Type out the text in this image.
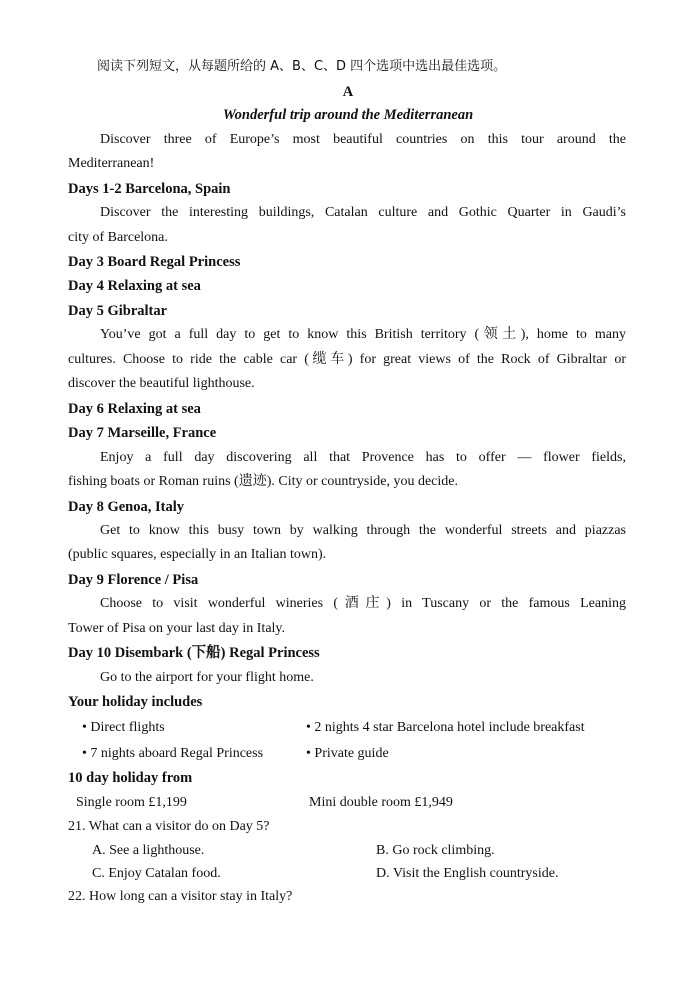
阅读下列短文，从每题所给的 A、B、C、D 四个选项中选出最佳选项。
A
Wonderful trip around the Mediterranean
Discover three of Europe’s most beautiful countries on this tour around the
Mediterranean!
Days 1-2 Barcelona, Spain
Discover the interesting buildings, Catalan culture and Gothic Quarter in Gaudi’s
city of Barcelona.
Day 3 Board Regal Princess
Day 4 Relaxing at sea
Day 5 Gibraltar
You’ve got a full day to get to know this British territory (领土), home to many
cultures. Choose to ride the cable car (缆车) for great views of the Rock of Gibraltar or
discover the beautiful lighthouse.
Day 6 Relaxing at sea
Day 7 Marseille, France
Enjoy a full day discovering all that Provence has to offer — flower fields,
fishing boats or Roman ruins (遗迹). City or countryside, you decide.
Day 8 Genoa, Italy
Get to know this busy town by walking through the wonderful streets and piazzas
(public squares, especially in an Italian town).
Day 9 Florence / Pisa
Choose to visit wonderful wineries (酒庄) in Tuscany or the famous Leaning
Tower of Pisa on your last day in Italy.
Day 10 Disembark (下船) Regal Princess
Go to the airport for your flight home.
Your holiday includes
• Direct flights	• 2 nights 4 star Barcelona hotel include breakfast
• 7 nights aboard Regal Princess	• Private guide
10 day holiday from
Single room £1,199	Mini double room £1,949
21. What can a visitor do on Day 5?
A. See a lighthouse.	B. Go rock climbing.
C. Enjoy Catalan food.	D. Visit the English countryside.
22. How long can a visitor stay in Italy?
